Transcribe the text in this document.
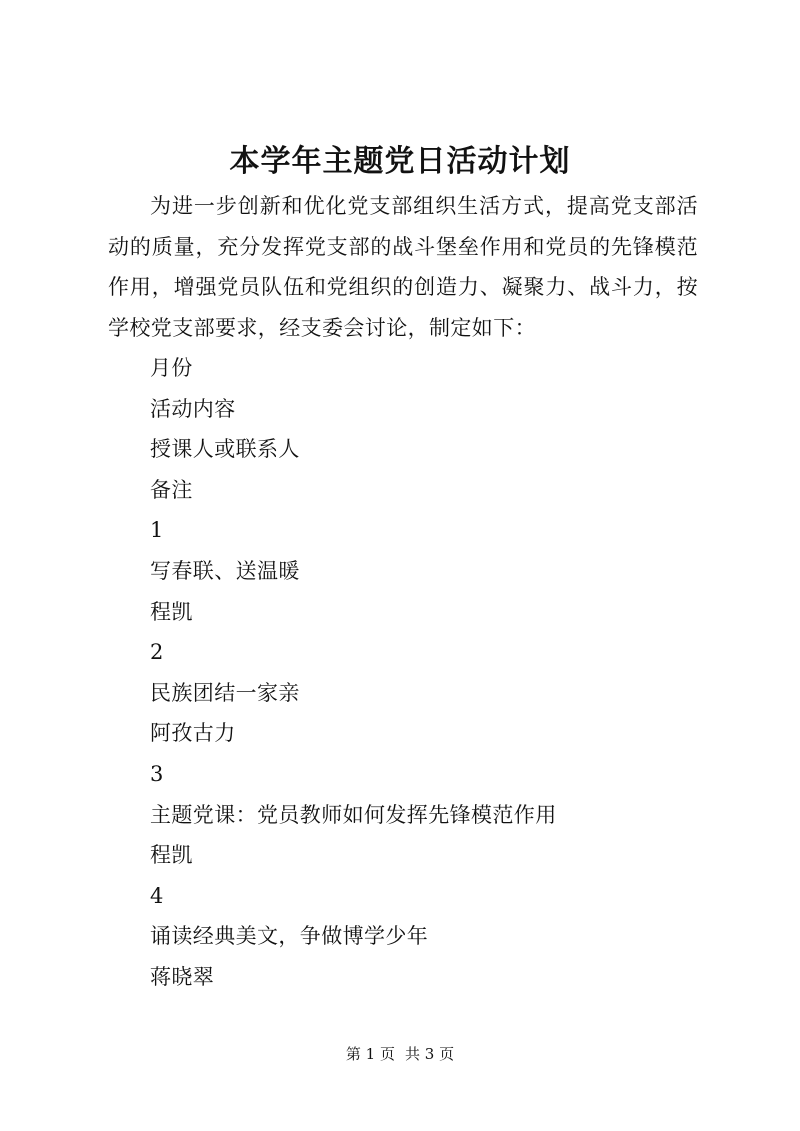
本学年主题党日活动计划

为进一步创新和优化党支部组织生活方式，提高党支部活动的质量，充分发挥党支部的战斗堡垒作用和党员的先锋模范作用，增强党员队伍和党组织的创造力、凝聚力、战斗力，按学校党支部要求，经支委会讨论，制定如下：

月份
活动内容
授课人或联系人
备注
1
写春联、送温暖
程凯
2
民族团结一家亲
阿孜古力
3
主题党课：党员教师如何发挥先锋模范作用
程凯
4
诵读经典美文，争做博学少年
蒋晓翠
第 1 页 共 3 页
